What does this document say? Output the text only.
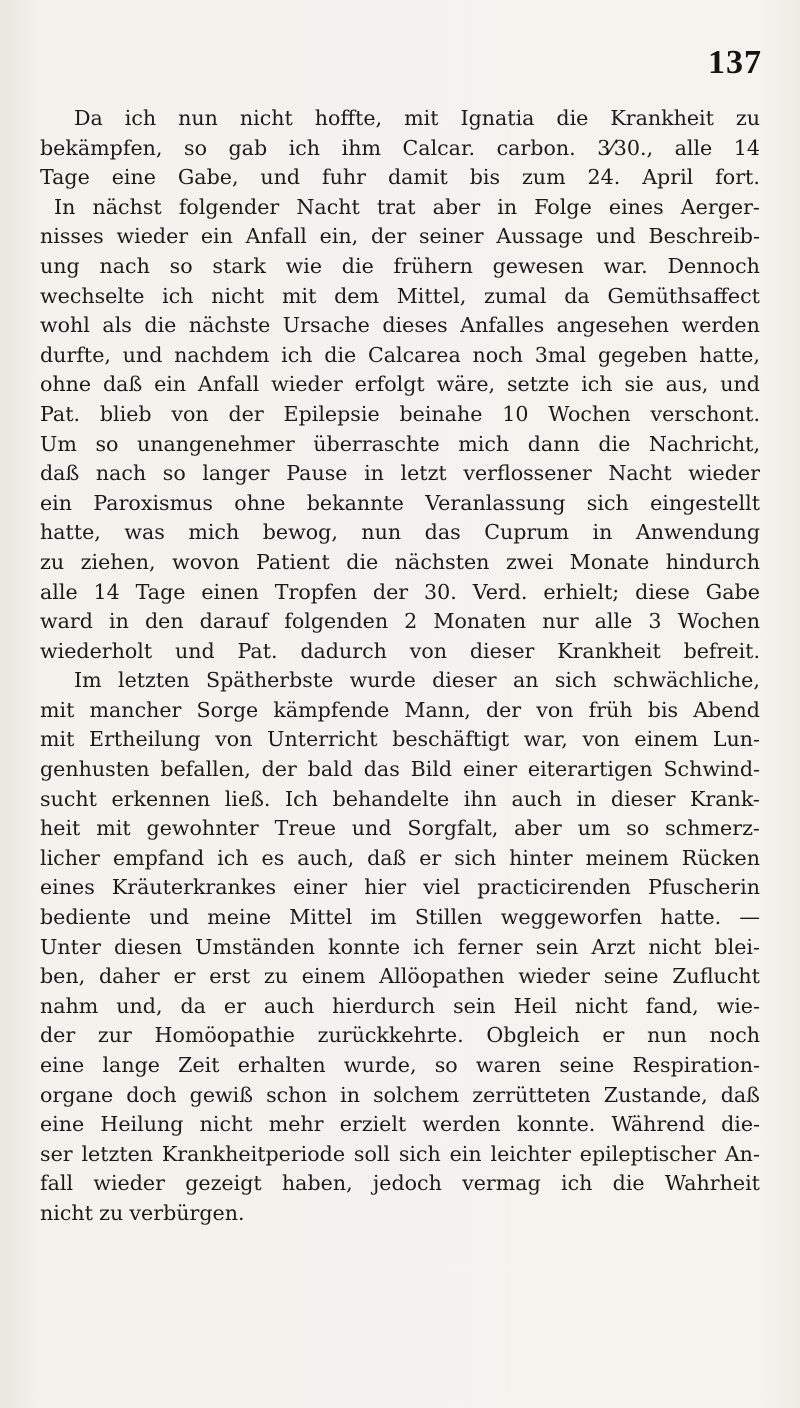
137
Da ich nun nicht hoffte, mit Ignatia die Krankheit zu
bekämpfen, so gab ich ihm Calcar. carbon. 3⁄30., alle 14
Tage eine Gabe, und fuhr damit bis zum 24. April fort.
In nächst folgender Nacht trat aber in Folge eines Aerger-
nisses wieder ein Anfall ein, der seiner Aussage und Beschreib-
ung nach so stark wie die frühern gewesen war. Dennoch
wechselte ich nicht mit dem Mittel, zumal da Gemüthsaffect
wohl als die nächste Ursache dieses Anfalles angesehen werden
durfte, und nachdem ich die Calcarea noch 3mal gegeben hatte,
ohne daß ein Anfall wieder erfolgt wäre, setzte ich sie aus, und
Pat. blieb von der Epilepsie beinahe 10 Wochen verschont.
Um so unangenehmer überraschte mich dann die Nachricht,
daß nach so langer Pause in letzt verflossener Nacht wieder
ein Paroxismus ohne bekannte Veranlassung sich eingestellt
hatte, was mich bewog, nun das Cuprum in Anwendung
zu ziehen, wovon Patient die nächsten zwei Monate hindurch
alle 14 Tage einen Tropfen der 30. Verd. erhielt; diese Gabe
ward in den darauf folgenden 2 Monaten nur alle 3 Wochen
wiederholt und Pat. dadurch von dieser Krankheit befreit.
Im letzten Spätherbste wurde dieser an sich schwächliche,
mit mancher Sorge kämpfende Mann, der von früh bis Abend
mit Ertheilung von Unterricht beschäftigt war, von einem Lun-
genhusten befallen, der bald das Bild einer eiterartigen Schwind-
sucht erkennen ließ. Ich behandelte ihn auch in dieser Krank-
heit mit gewohnter Treue und Sorgfalt, aber um so schmerz-
licher empfand ich es auch, daß er sich hinter meinem Rücken
eines Kräuterkrankes einer hier viel practicirenden Pfuscherin
bediente und meine Mittel im Stillen weggeworfen hatte. —
Unter diesen Umständen konnte ich ferner sein Arzt nicht blei-
ben, daher er erst zu einem Allöopathen wieder seine Zuflucht
nahm und, da er auch hierdurch sein Heil nicht fand, wie-
der zur Homöopathie zurückkehrte. Obgleich er nun noch
eine lange Zeit erhalten wurde, so waren seine Respiration-
organe doch gewiß schon in solchem zerrütteten Zustande, daß
eine Heilung nicht mehr erzielt werden konnte. Während die-
ser letzten Krankheitperiode soll sich ein leichter epileptischer An-
fall wieder gezeigt haben, jedoch vermag ich die Wahrheit
nicht zu verbürgen.
